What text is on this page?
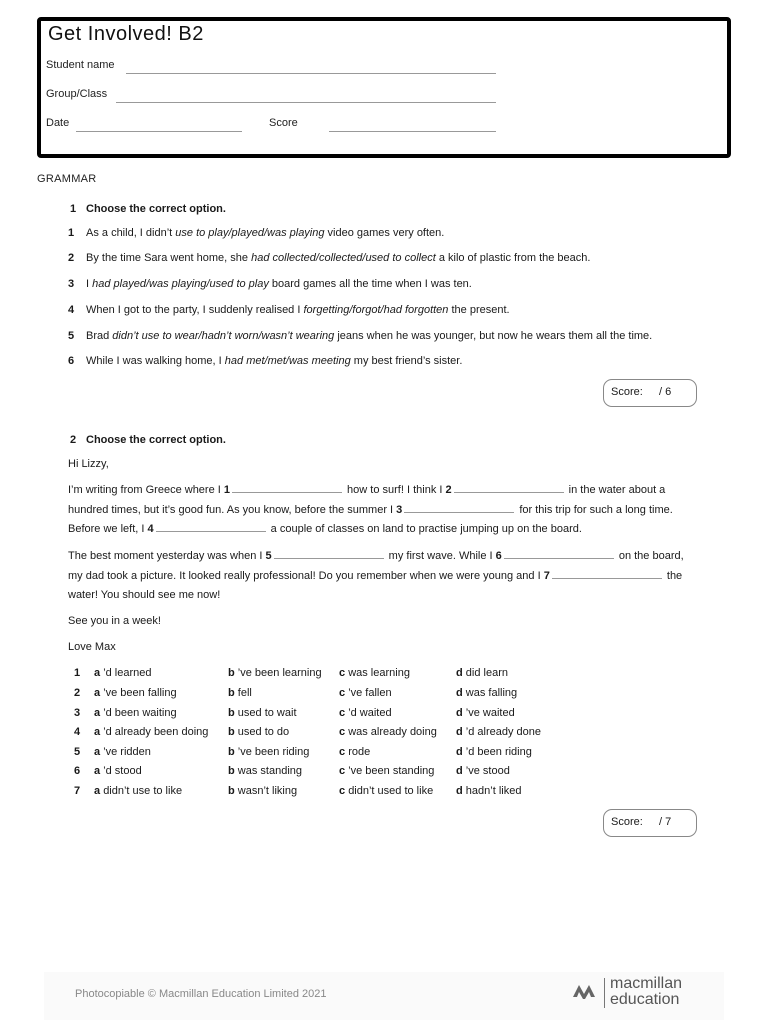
Get Involved! B2
Student name
Group/Class
Date	Score
GRAMMAR
1 Choose the correct option.
1 As a child, I didn’t use to play/played/was playing video games very often.
2 By the time Sara went home, she had collected/collected/used to collect a kilo of plastic from the beach.
3 I had played/was playing/used to play board games all the time when I was ten.
4 When I got to the party, I suddenly realised I forgetting/forgot/had forgotten the present.
5 Brad didn’t use to wear/hadn’t worn/wasn’t wearing jeans when he was younger, but now he wears them all the time.
6 While I was walking home, I had met/met/was meeting my best friend’s sister.
Score: / 6
2 Choose the correct option.
Hi Lizzy,
I’m writing from Greece where I 1	how to surf! I think I 2	in the water about a hundred times, but it’s good fun. As you know, before the summer I 3	for this trip for such a long time. Before we left, I 4	a couple of classes on land to practise jumping up on the board.
The best moment yesterday was when I 5	my first wave. While I 6	on the board, my dad took a picture. It looked really professional! Do you remember when we were young and I 7	the water! You should see me now!
See you in a week!
Love Max
1 a ’d learned	b ’ve been learning c was learning	d did learn
2 a ’ve been falling	b fell	c ’ve fallen	d was falling
3 a ’d been waiting	b used to wait	c ’d waited	d ’ve waited
4 a ’d already been doing b used to do	c was already doing d ’d already done
5 a ’ve ridden	b ’ve been riding	c rode	d ’d been riding
6 a ’d stood	b was standing	c ’ve been standing d ’ve stood
7 a didn’t use to like	b wasn’t liking	c didn’t used to like d hadn’t liked
Score: / 7
Photocopiable © Macmillan Education Limited 2021
macmillan
education
